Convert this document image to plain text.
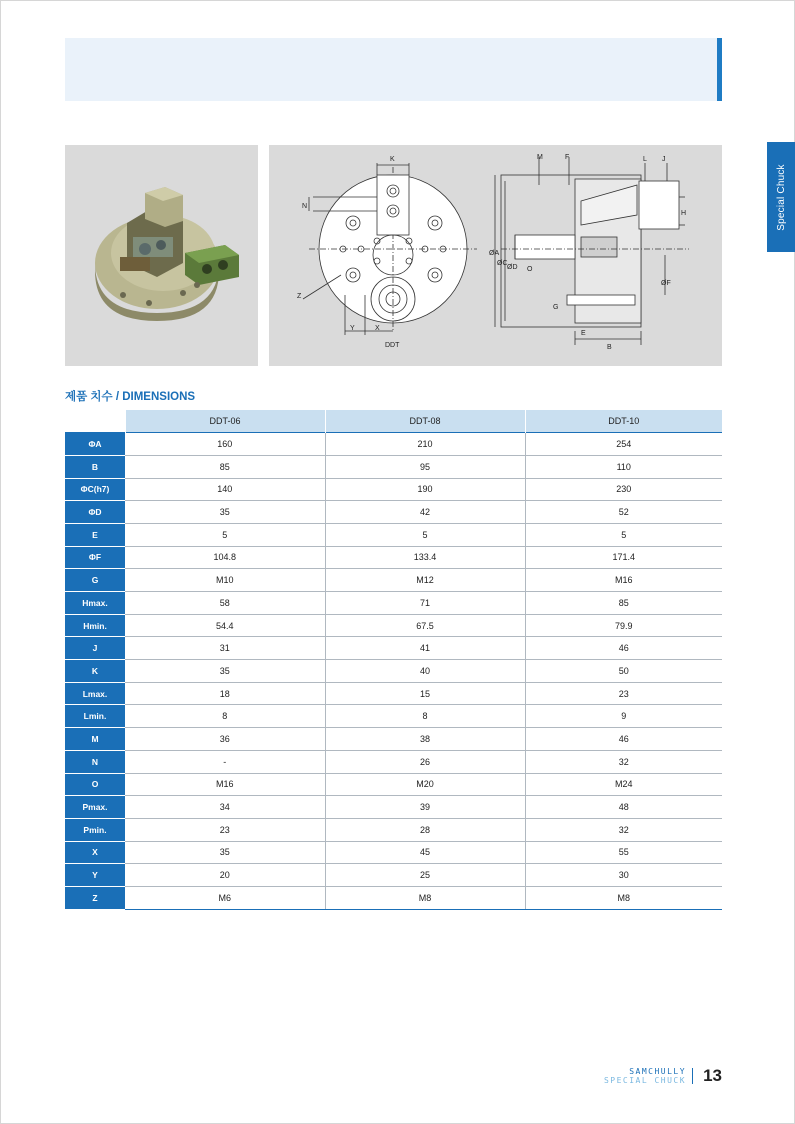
Special Chuck
K
N
Z
Y	X
DDT
M	F	L J
H
ØA
ØC
ØD O
ØF
G
E
B
제품 치수 / DIMENSIONS
	DDT-06	DDT-08	DDT-10
ΦA	160	210	254
B	85	95	110
ΦC(h7)	140	190	230
ΦD	35	42	52
E	5	5	5
ΦF	104.8	133.4	171.4
G	M10	M12	M16
Hmax.	58	71	85
Hmin.	54.4	67.5	79.9
J	31	41	46
K	35	40	50
Lmax.	18	15	23
Lmin.	8	8	9
M	36	38	46
N	-	26	32
O	M16	M20	M24
Pmax.	34	39	48
Pmin.	23	28	32
X	35	45	55
Y	20	25	30
Z	M6	M8	M8
SAMCHULLY
SPECIAL CHUCK 13
